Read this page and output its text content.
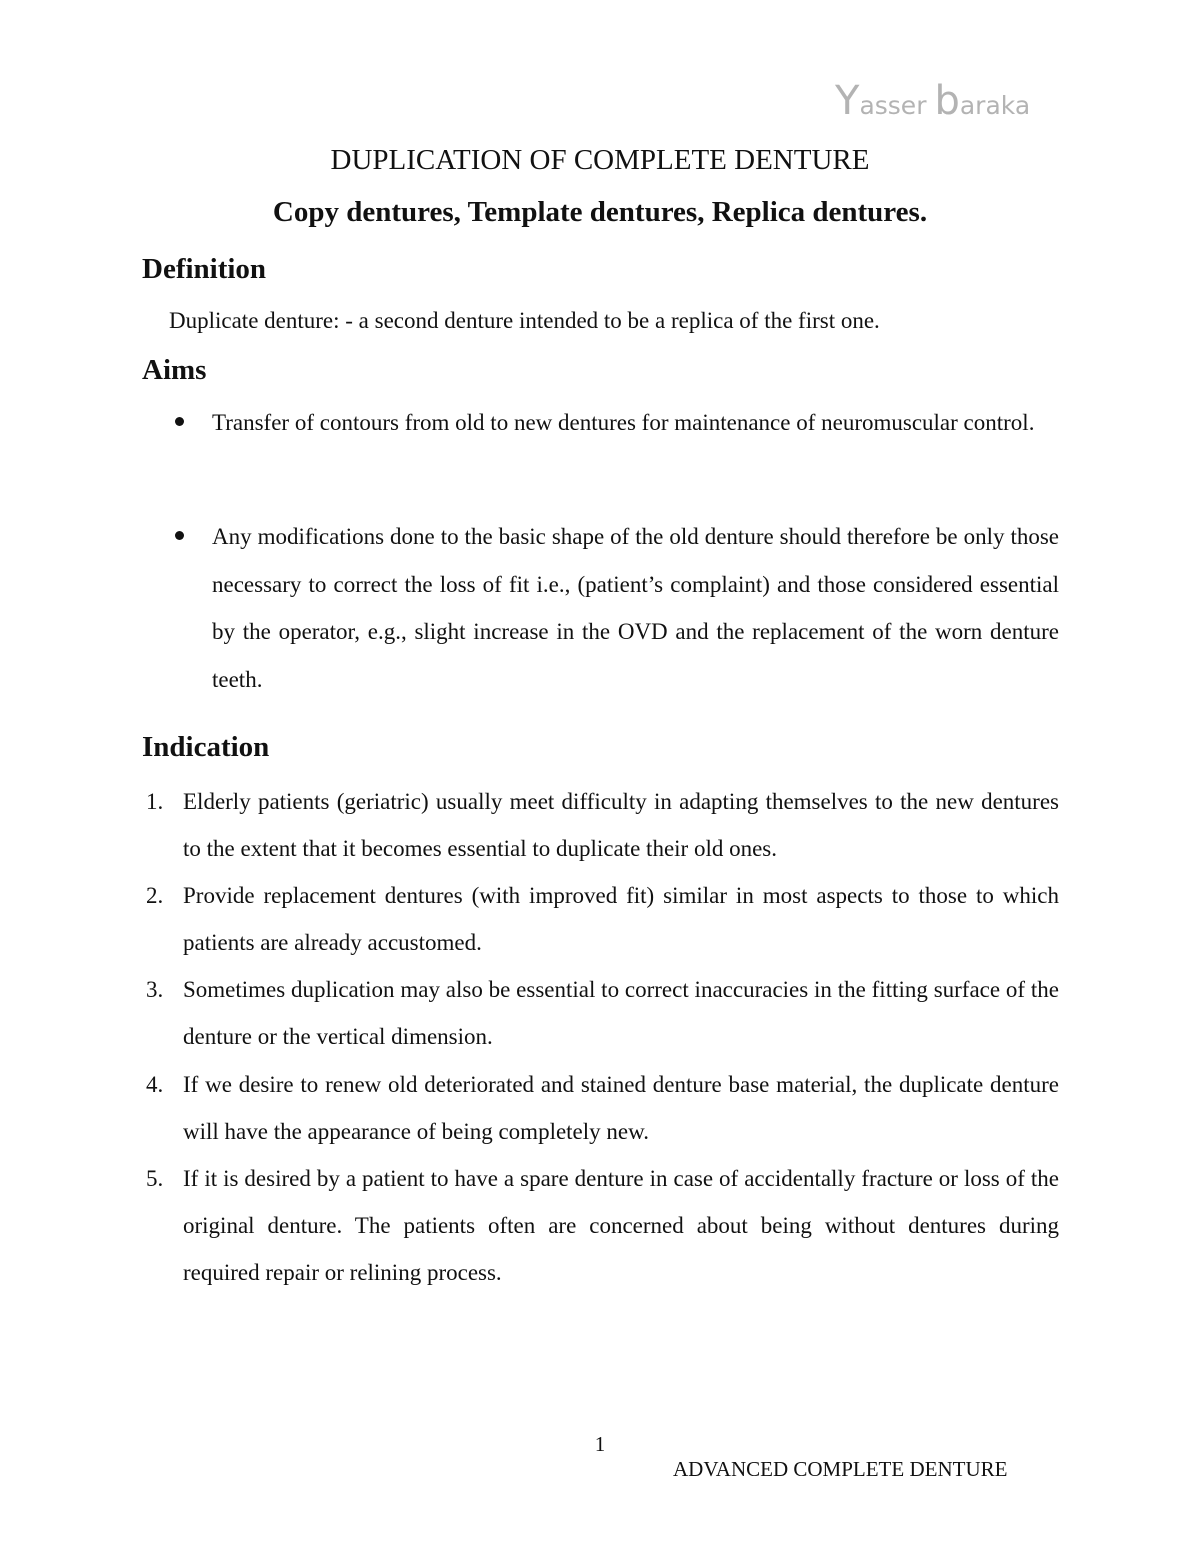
Yasser baraka
DUPLICATION OF COMPLETE DENTURE
Copy dentures, Template dentures, Replica dentures.
Definition

Duplicate denture: - a second denture intended to be a replica of the first one.

Aims
Transfer of contours from old to new dentures for maintenance of neuromuscular control.
Any modifications done to the basic shape of the old denture should therefore be only those necessary to correct the loss of fit i.e., (patient’s complaint) and those considered essential by the operator, e.g., slight increase in the OVD and the replacement of the worn denture teeth.
Indication
1. Elderly patients (geriatric) usually meet difficulty in adapting themselves to the new dentures to the extent that it becomes essential to duplicate their old ones.
2. Provide replacement dentures (with improved fit) similar in most aspects to those to which patients are already accustomed.
3. Sometimes duplication may also be essential to correct inaccuracies in the fitting surface of the denture or the vertical dimension.
4. If we desire to renew old deteriorated and stained denture base material, the duplicate denture will have the appearance of being completely new.
5. If it is desired by a patient to have a spare denture in case of accidentally fracture or loss of the original denture. The patients often are concerned about being without dentures during required repair or relining process.

1

ADVANCED COMPLETE DENTURE
